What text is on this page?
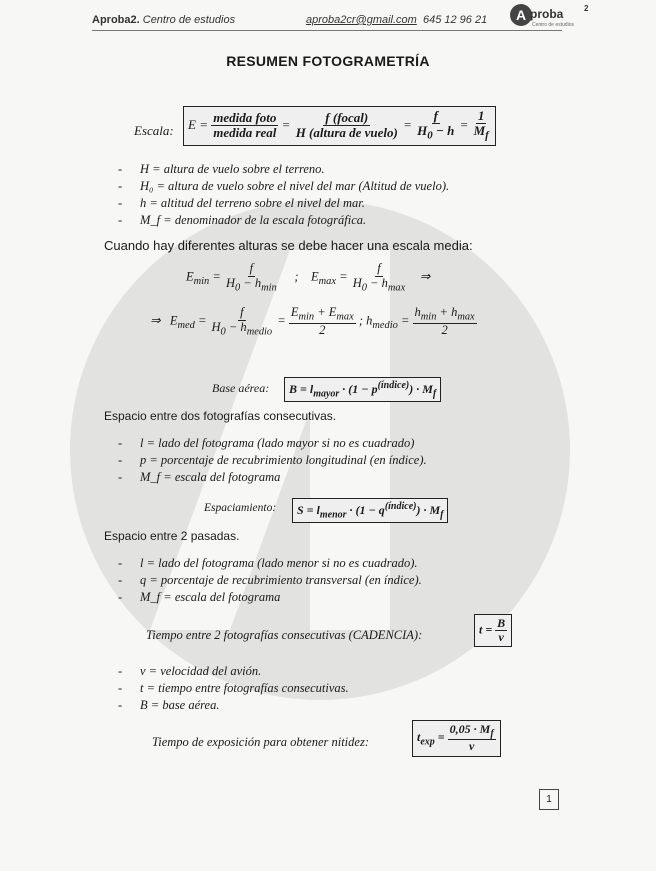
Aproba2. Centro de estudios	aproba2cr@gmail.com 645 12 96 21	A proba	2
Centro de estudios
RESUMEN FOTOGRAMETRÍA
Escala:	$E = \frac{\text{medida foto}}{\text{medida real}} = \frac{\text{f (focal)}}{\text{H (altura de vuelo)}} = \frac{f}{H_0 - h} = \frac{1}{M_f}$
- H = altura de vuelo sobre el terreno.
- H₀ = altura de vuelo sobre el nivel del mar (Altitud de vuelo).
- h = altitud del terreno sobre el nivel del mar.
- M_f = denominador de la escala fotográfica.
Cuando hay diferentes alturas se debe hacer una escala media:
$E_{min} = \frac{f}{H_0 - h_{min}}$ ;    $E_{max} = \frac{f}{H_0 - h_{max}}$ ⇒
⇒   $E_{med} = \frac{f}{H_0 - h_{medio}} = \frac{E_{min} + E_{max}}{2}$ ; $h_{medio} = \frac{h_{min} + h_{max}}{2}$
Base aérea:	$B = l_{mayor} \cdot (1 - p^{(índice)}) \cdot M_f$
Espacio entre dos fotografías consecutivas.
- l = lado del fotograma (lado mayor si no es cuadrado)
- p = porcentaje de recubrimiento longitudinal (en índice).
- M_f = escala del fotograma
Espaciamiento:	$S = l_{menor} \cdot (1 - q^{(índice)}) \cdot M_f$
Espacio entre 2 pasadas.
- l = lado del fotograma (lado menor si no es cuadrado).
- q = porcentaje de recubrimiento transversal (en índice).
- M_f = escala del fotograma
Tiempo entre 2 fotografías consecutivas (CADENCIA):	$t = \frac{B}{v}$
- v = velocidad del avión.
- t = tiempo entre fotografías consecutivas.
- B = base aérea.
Tiempo de exposición para obtener nitidez:	$t_{exp} = \frac{0,05 \cdot M_f}{v}$
1
